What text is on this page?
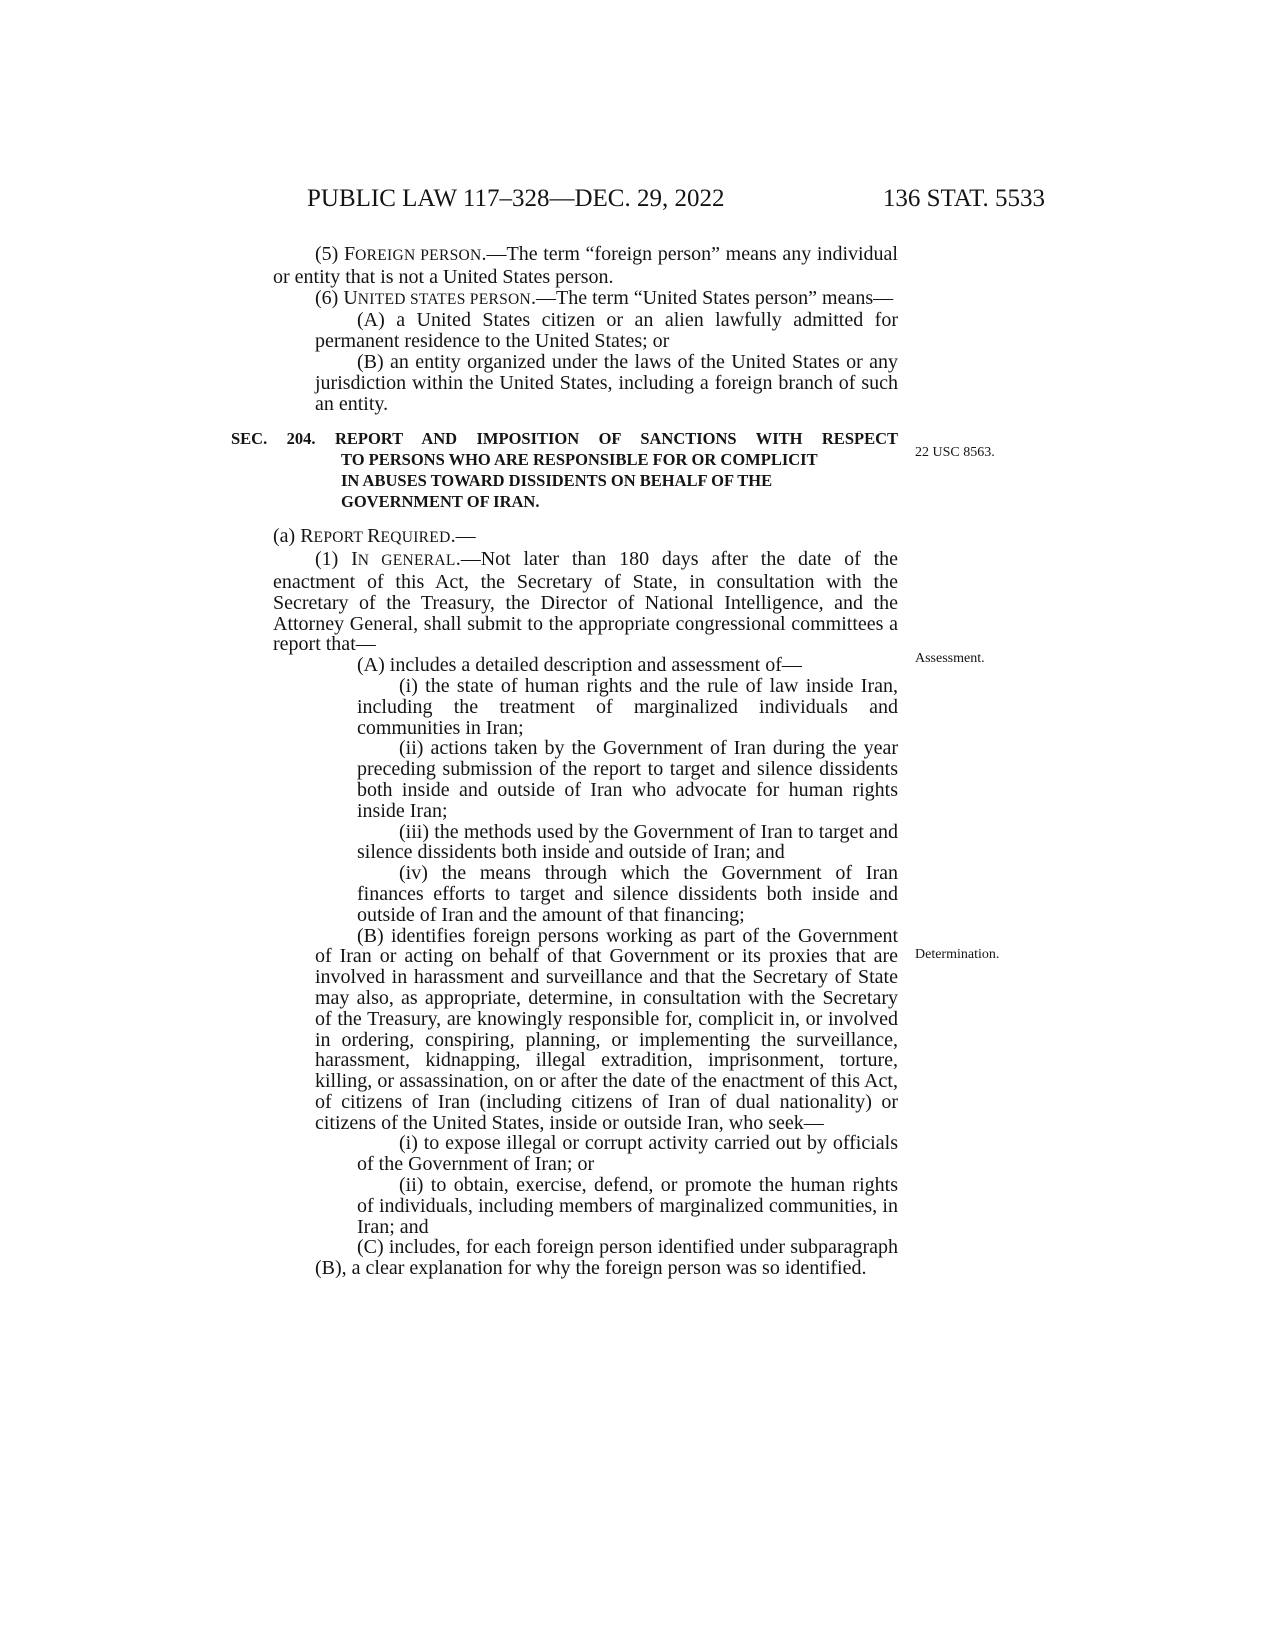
PUBLIC LAW 117–328—DEC. 29, 2022	136 STAT. 5533

(5) FOREIGN PERSON.—The term “foreign person” means any individual or entity that is not a United States person.

(6) UNITED STATES PERSON.—The term “United States person” means—

(A) a United States citizen or an alien lawfully admitted for permanent residence to the United States; or

(B) an entity organized under the laws of the United States or any jurisdiction within the United States, including a foreign branch of such an entity.

SEC. 204. REPORT AND IMPOSITION OF SANCTIONS WITH RESPECT
TO PERSONS WHO ARE RESPONSIBLE FOR OR COMPLICIT
IN ABUSES TOWARD DISSIDENTS ON BEHALF OF THE
GOVERNMENT OF IRAN.

(a) REPORT REQUIRED.—

(1) IN GENERAL.—Not later than 180 days after the date of the enactment of this Act, the Secretary of State, in consultation with the Secretary of the Treasury, the Director of National Intelligence, and the Attorney General, shall submit to the appropriate congressional committees a report that—

(A) includes a detailed description and assessment of—

(i) the state of human rights and the rule of law inside Iran, including the treatment of marginalized individuals and communities in Iran;

(ii) actions taken by the Government of Iran during the year preceding submission of the report to target and silence dissidents both inside and outside of Iran who advocate for human rights inside Iran;

(iii) the methods used by the Government of Iran to target and silence dissidents both inside and outside of Iran; and

(iv) the means through which the Government of Iran finances efforts to target and silence dissidents both inside and outside of Iran and the amount of that financing;

(B) identifies foreign persons working as part of the Government of Iran or acting on behalf of that Government or its proxies that are involved in harassment and surveillance and that the Secretary of State may also, as appropriate, determine, in consultation with the Secretary of the Treasury, are knowingly responsible for, complicit in, or involved in ordering, conspiring, planning, or implementing the surveillance, harassment, kidnapping, illegal extradition, imprisonment, torture, killing, or assassination, on or after the date of the enactment of this Act, of citizens of Iran (including citizens of Iran of dual nationality) or citizens of the United States, inside or outside Iran, who seek—

(i) to expose illegal or corrupt activity carried out by officials of the Government of Iran; or

(ii) to obtain, exercise, defend, or promote the human rights of individuals, including members of marginalized communities, in Iran; and

(C) includes, for each foreign person identified under subparagraph (B), a clear explanation for why the foreign person was so identified.

22 USC 8563.
Assessment.
Determination.
